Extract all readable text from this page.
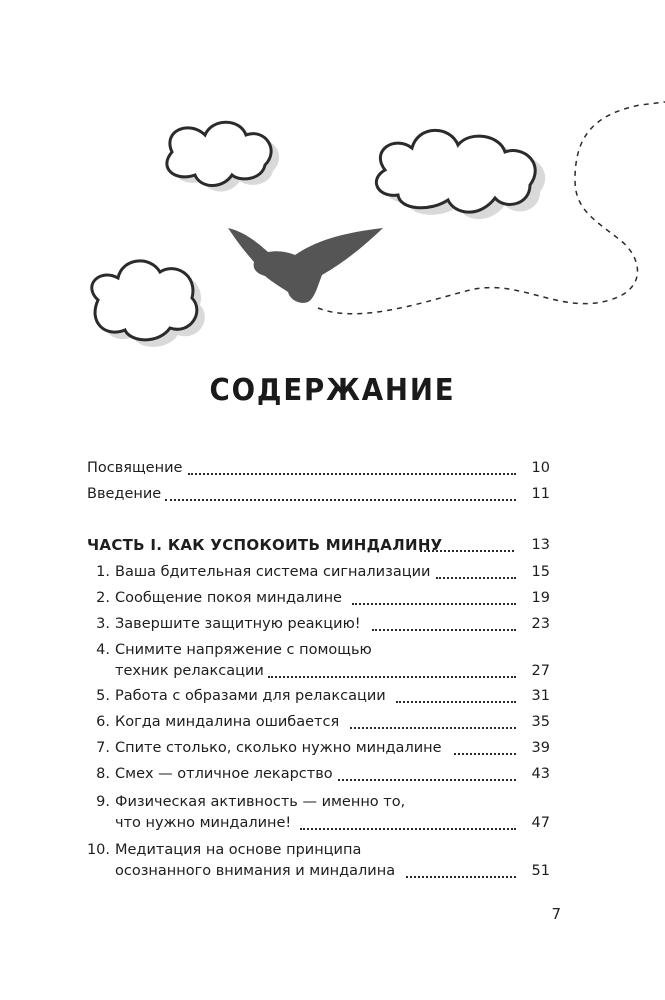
СОДЕРЖАНИЕ
Посвящение	10
Введение	11
ЧАСТЬ I. КАК УСПОКОИТЬ МИНДАЛИНУ	13
1. Ваша бдительная система сигнализации	15
2. Сообщение покоя миндалине	19
3. Завершите защитную реакцию!	23
4. Снимите напряжение с помощью
техник релаксации	27
5. Работа с образами для релаксации	31
6. Когда миндалина ошибается	35
7. Спите столько, сколько нужно миндалине	39
8. Смех — отличное лекарство	43
9. Физическая активность — именно то,
что нужно миндалине!	47
10. Медитация на основе принципа
осознанного внимания и миндалина	51
7
